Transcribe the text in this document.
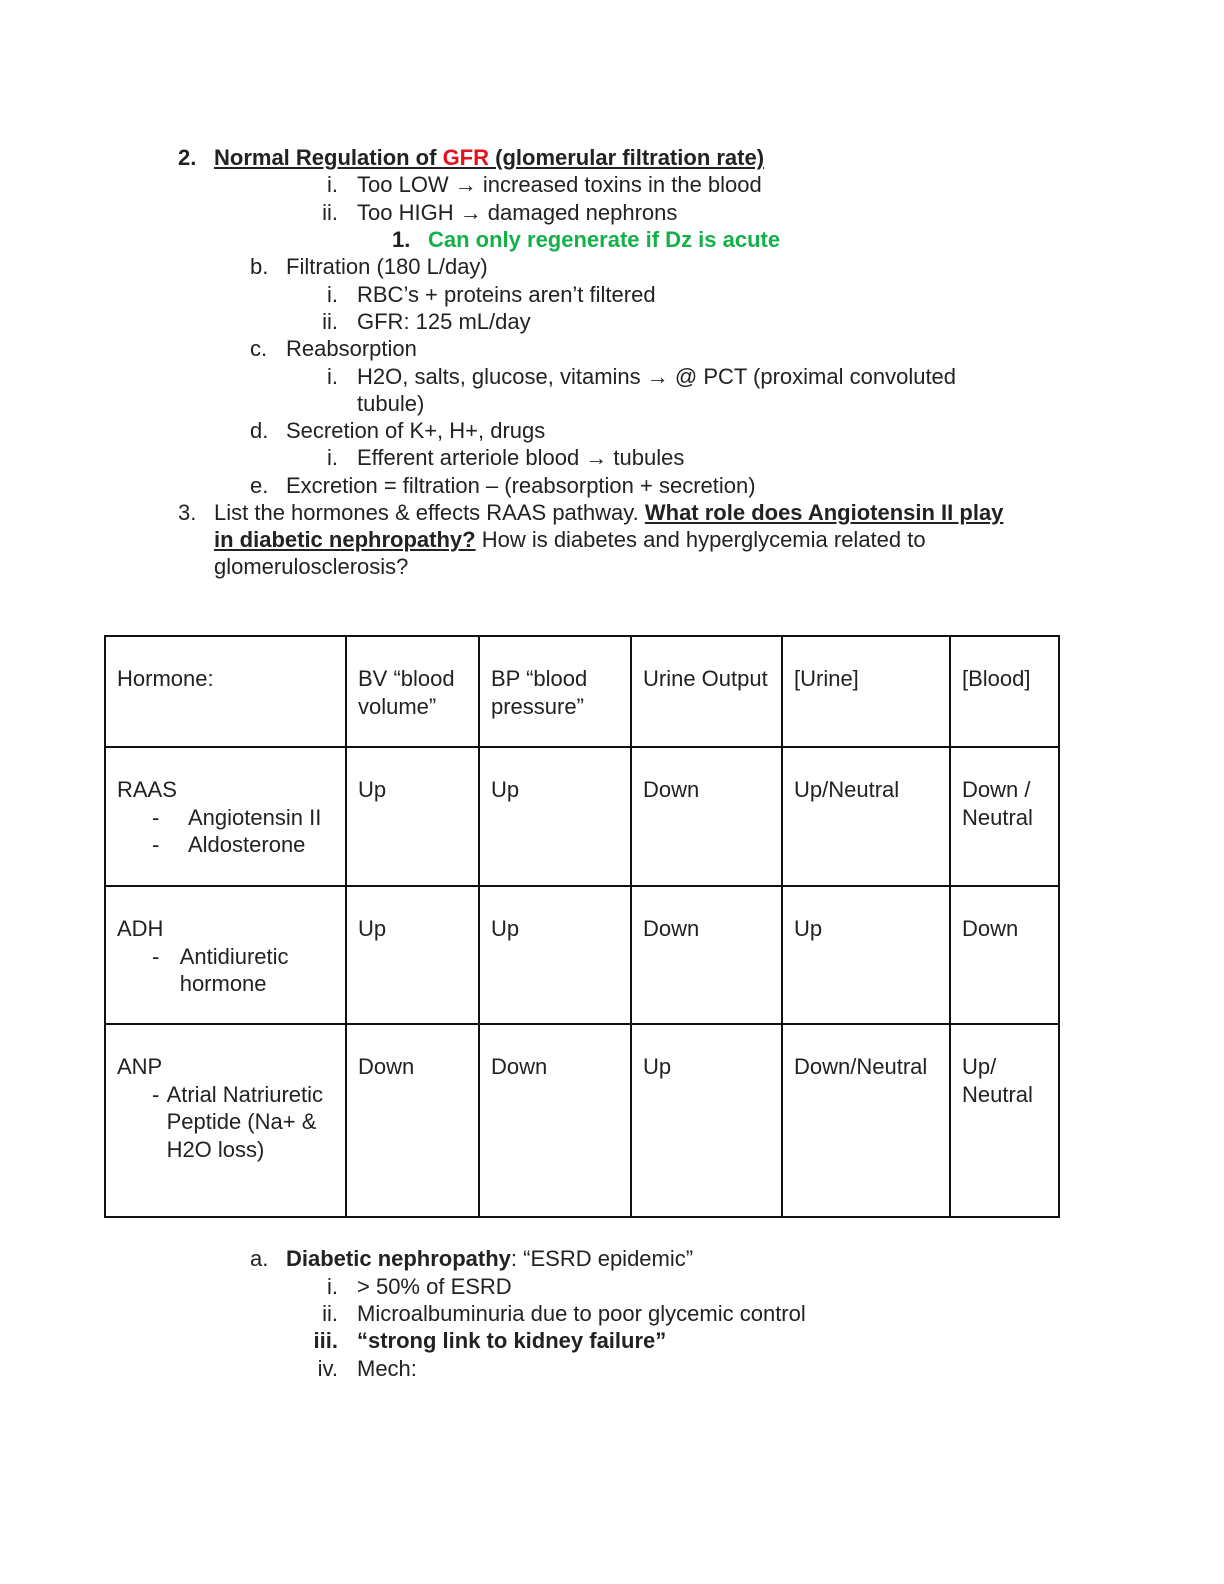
2. Normal Regulation of GFR (glomerular filtration rate)
i. Too LOW → increased toxins in the blood
ii. Too HIGH → damaged nephrons
1. Can only regenerate if Dz is acute
b. Filtration (180 L/day)
i. RBC’s + proteins aren’t filtered
ii. GFR: 125 mL/day
c. Reabsorption
i. H2O, salts, glucose, vitamins → @ PCT (proximal convoluted
tubule)
d. Secretion of K+, H+, drugs
i. Efferent arteriole blood → tubules
e. Excretion = filtration – (reabsorption + secretion)
3. List the hormones & effects RAAS pathway. What role does Angiotensin II play
in diabetic nephropathy? How is diabetes and hyperglycemia related to
glomerulosclerosis?
Hormone:	BV “blood volume”	BP “blood pressure”	Urine Output	[Urine]	[Blood]

RAAS
- Angiotensin II
- Aldosterone	Up	Up	Down	Up/Neutral	Down / Neutral

ADH
- Antidiuretic hormone	Up	Up	Down	Up	Down

ANP
- Atrial Natriuretic Peptide (Na+ & H2O loss)	Down	Down	Up	Down/Neutral	Up/ Neutral
a. Diabetic nephropathy: “ESRD epidemic”
i. > 50% of ESRD
ii. Microalbuminuria due to poor glycemic control
iii. “strong link to kidney failure”
iv. Mech:
